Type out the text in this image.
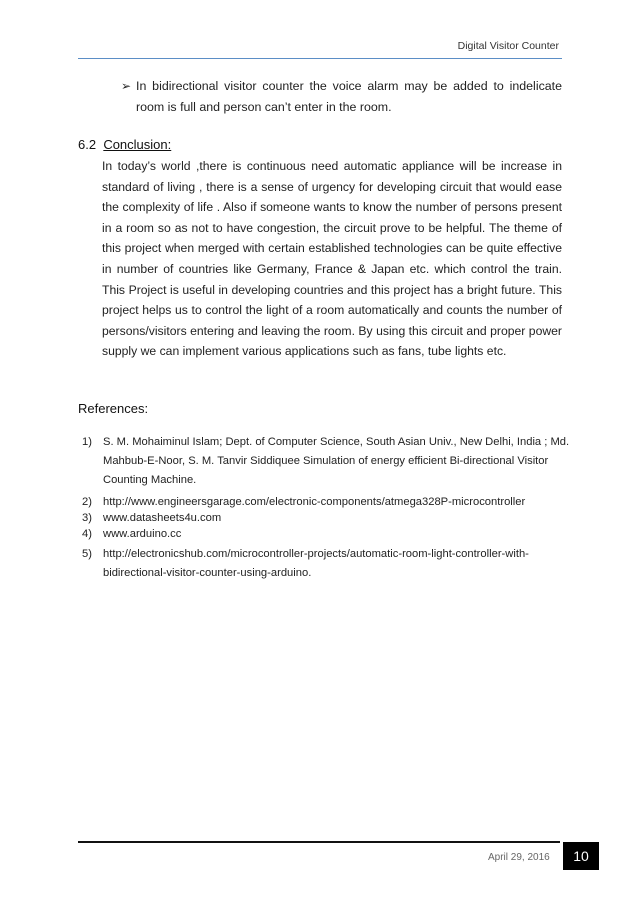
Digital Visitor Counter
➢ In bidirectional visitor counter the voice alarm may be added to indelicate room is full and person can’t enter in the room.
6.2 Conclusion:
In today’s world ,there is continuous need automatic appliance will be increase in standard of living , there is a sense of urgency for developing circuit that would ease the complexity of life . Also if someone wants to know the number of persons present in a room so as not to have congestion, the circuit prove to be helpful. The theme of this project when merged with certain established technologies can be quite effective in number of countries like Germany, France & Japan etc. which control the train. This Project is useful in developing countries and this project has a bright future. This project helps us to control the light of a room automatically and counts the number of persons/visitors entering and leaving the room. By using this circuit and proper power supply we can implement various applications such as fans, tube lights etc.
References:
1) S. M. Mohaiminul Islam; Dept. of Computer Science, South Asian Univ., New Delhi, India ; Md. Mahbub-E-Noor, S. M. Tanvir Siddiquee Simulation of energy efficient Bi-directional Visitor Counting Machine.
2) http://www.engineersgarage.com/electronic-components/atmega328P-microcontroller
3) www.datasheets4u.com
4) www.arduino.cc
5) http://electronicshub.com/microcontroller-projects/automatic-room-light-controller-with-bidirectional-visitor-counter-using-arduino.
April 29, 2016	10
